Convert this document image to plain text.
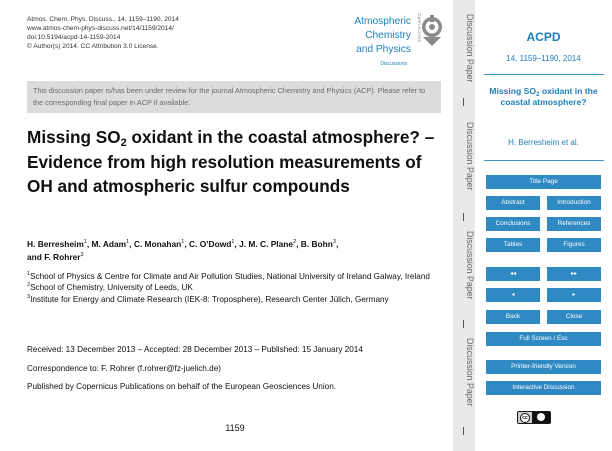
Atmos. Chem. Phys. Discuss., 14, 1159–1190, 2014
www.atmos-chem-phys-discuss.net/14/1159/2014/
doi:10.5194/acpd-14-1159-2014
© Author(s) 2014. CC Attribution 3.0 License.
Atmospheric
Chemistry
and Physics
Discussions
Open Access
This discussion paper is/has been under review for the journal Atmospheric Chemistry and Physics (ACP). Please refer to the corresponding final paper in ACP if available.
Missing $SO_2$ oxidant in the coastal atmosphere? – Evidence from high resolution measurements of OH and atmospheric sulfur compounds
H. Berresheim$^1$, M. Adam$^1$, C. Monahan$^1$, C. O’Dowd$^1$, J. M. C. Plane$^2$, B. Bohn$^3$,
and F. Rohrer$^3$
$^1$School of Physics & Centre for Climate and Air Pollution Studies, National University of Ireland Galway, Ireland
$^2$School of Chemistry, University of Leeds, UK
$^3$Institute for Energy and Climate Research (IEK-8: Troposphere), Research Center Jülich, Germany
Received: 13 December 2013 – Accepted: 28 December 2013 – Published: 15 January 2014
Correspondence to: F. Rohrer (f.rohrer@fz-juelich.de)
Published by Copernicus Publications on behalf of the European Geosciences Union.
1159
Discussion Paper
Discussion Paper
Discussion Paper
Discussion Paper
ACPD
14, 1159–1190, 2014
Missing $SO_2$ oxidant in the coastal atmosphere?
H. Berresheim et al.
Title Page
Abstract	Introduction
Conclusions	References
Tables	Figures
◂◂	▸▸
◂	▸
Back	Close
Full Screen / Esc
Printer-friendly Version
Interactive Discussion
cc
